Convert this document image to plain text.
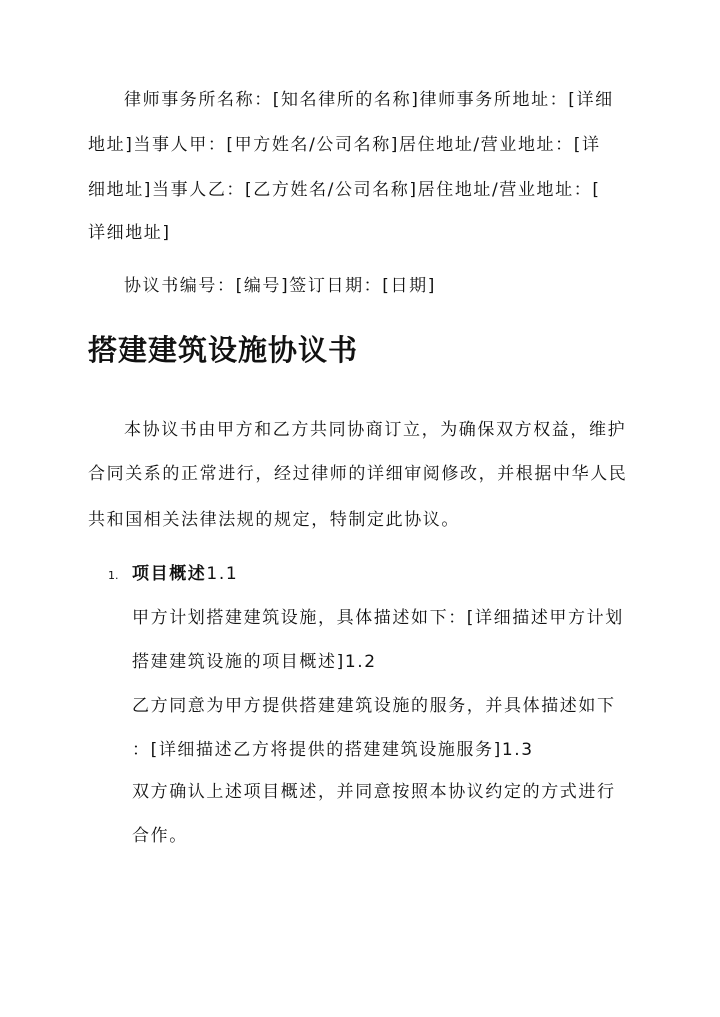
律师事务所名称：[知名律所的名称]律师事务所地址：[详细
地址]当事人甲：[甲方姓名/公司名称]居住地址/营业地址：[详
细地址]当事人乙：[乙方姓名/公司名称]居住地址/营业地址：[
详细地址]
协议书编号：[编号]签订日期：[日期]
搭建建筑设施协议书
本协议书由甲方和乙方共同协商订立，为确保双方权益，维护
合同关系的正常进行，经过律师的详细审阅修改，并根据中华人民
共和国相关法律法规的规定，特制定此协议。
1. 项目概述1.1
甲方计划搭建建筑设施，具体描述如下：[详细描述甲方计划
搭建建筑设施的项目概述]1.2
乙方同意为甲方提供搭建建筑设施的服务，并具体描述如下
：[详细描述乙方将提供的搭建建筑设施服务]1.3
双方确认上述项目概述，并同意按照本协议约定的方式进行
合作。
